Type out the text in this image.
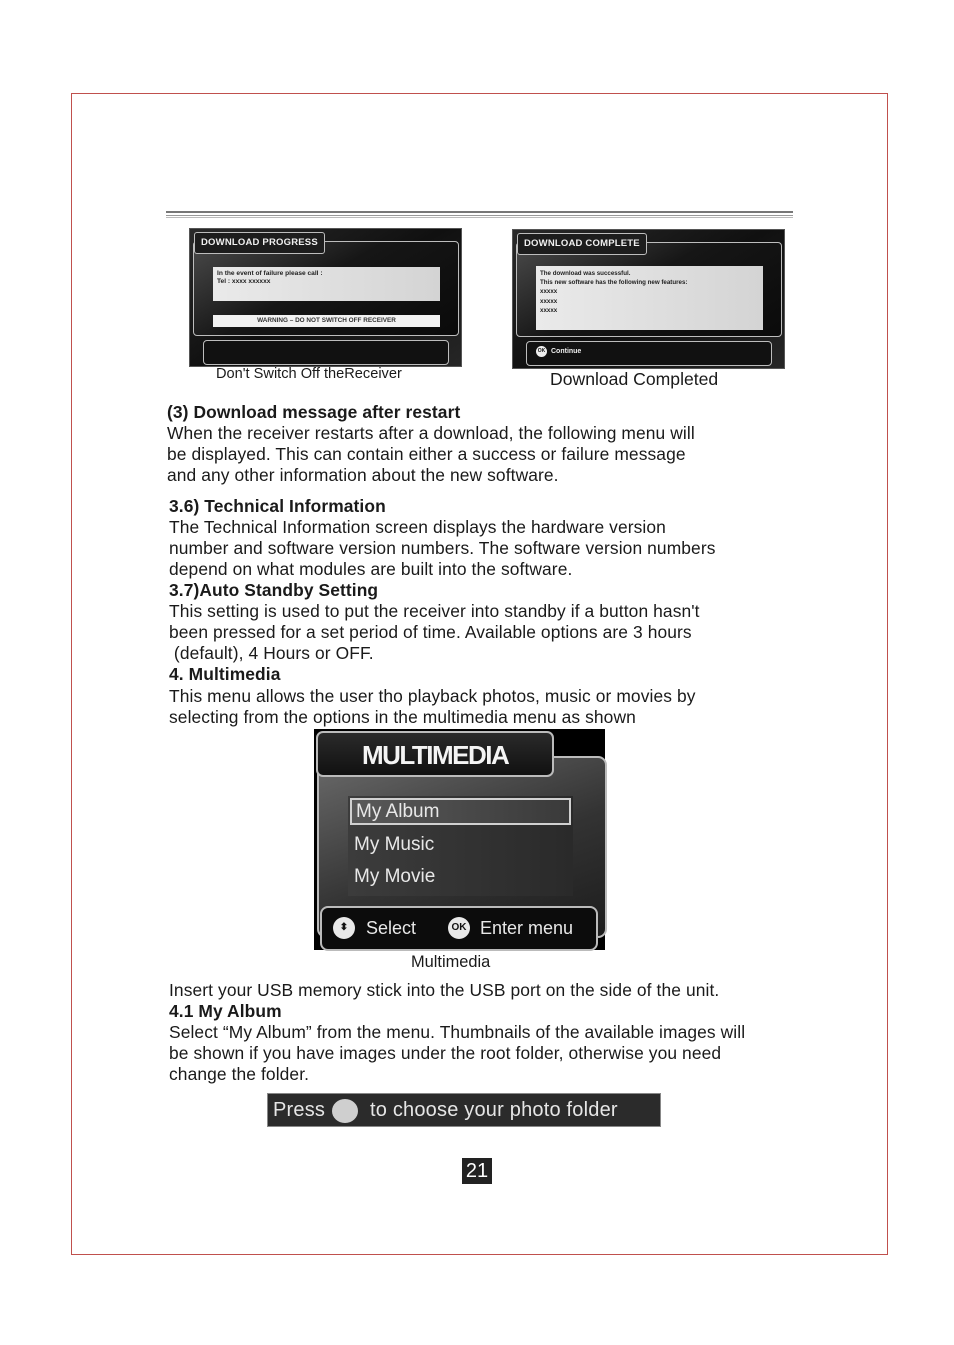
DOWNLOAD PROGRESS
In the event of failure please call :
Tel : xxxx xxxxxx
WARNING – DO NOT SWITCH OFF RECEIVER
Don't Switch Off theReceiver
DOWNLOAD COMPLETE
The download was successful.
This new software has the following new features:
xxxxx
xxxxx
xxxxx
OK Continue
Download Completed
(3) Download message after restart
When the receiver restarts after a download, the following menu will
be displayed. This can contain either a success or failure message
and any other information about the new software.
3.6) Technical Information
The Technical Information screen displays the hardware version
number and software version numbers. The software version numbers
depend on what modules are built into the software.
3.7)Auto Standby Setting
This setting is used to put the receiver into standby if a button hasn't
been pressed for a set period of time. Available options are 3 hours
(default), 4 Hours or OFF.
4. Multimedia
This menu allows the user tho playback photos, music or movies by
selecting from the options in the multimedia menu as shown
MULTIMEDIA
My Album
My Music
My Movie
⬍ Select	OK Enter menu
Multimedia
Insert your USB memory stick into the USB port on the side of the unit.
4.1 My Album
Select “My Album” from the menu. Thumbnails of the available images will
be shown if you have images under the root folder, otherwise you need
change the folder.
Press to choose your photo folder
21
